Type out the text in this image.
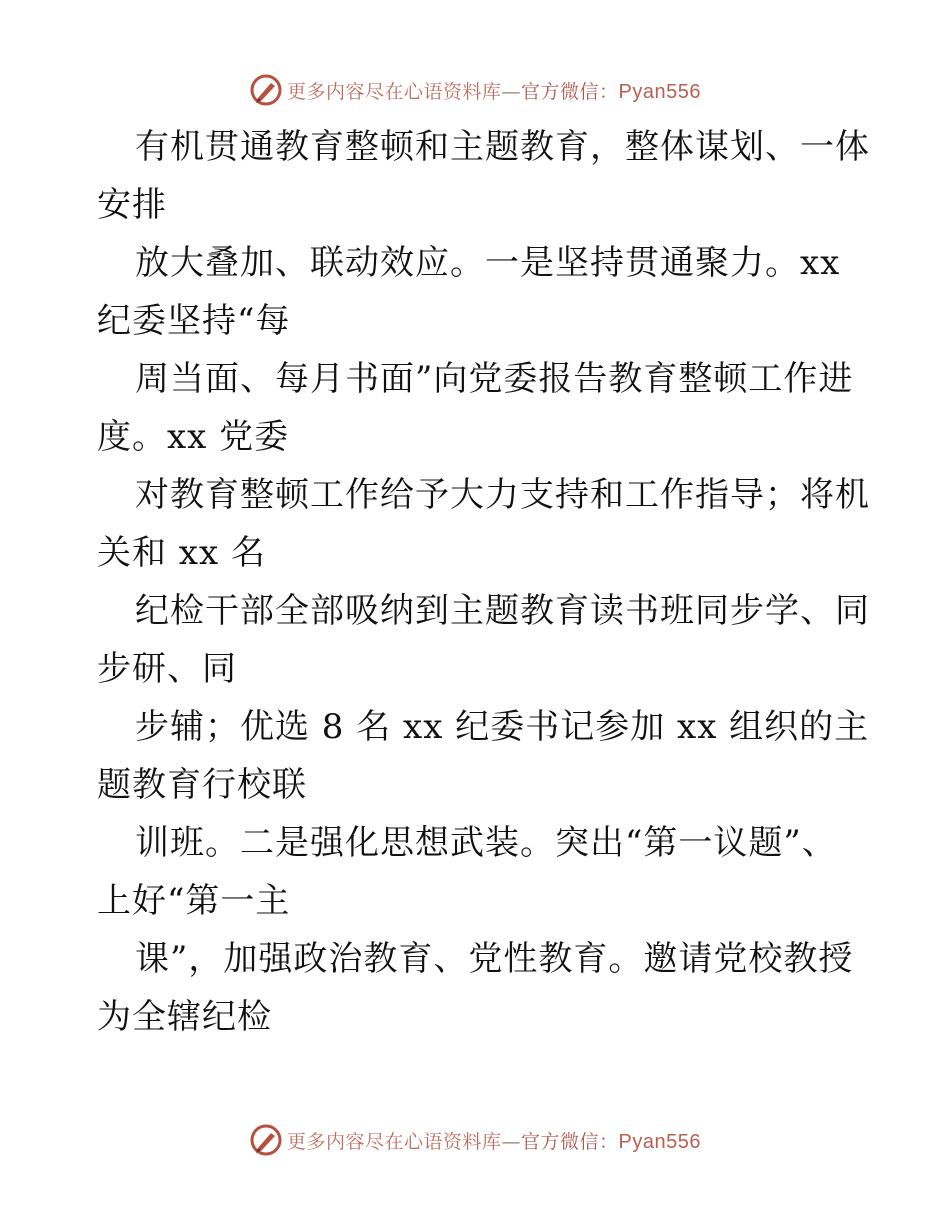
更多内容尽在心语资料库—官方微信：Pyan556
有机贯通教育整顿和主题教育，整体谋划、一体
安排
放大叠加、联动效应。一是坚持贯通聚力。xx
纪委坚持“每
周当面、每月书面”向党委报告教育整顿工作进
度。xx 党委
对教育整顿工作给予大力支持和工作指导；将机
关和 xx 名
纪检干部全部吸纳到主题教育读书班同步学、同
步研、同
步辅；优选 8 名 xx 纪委书记参加 xx 组织的主
题教育行校联
训班。二是强化思想武装。突出“第一议题”、
上好“第一主
课”，加强政治教育、党性教育。邀请党校教授
为全辖纪检
更多内容尽在心语资料库—官方微信：Pyan556
